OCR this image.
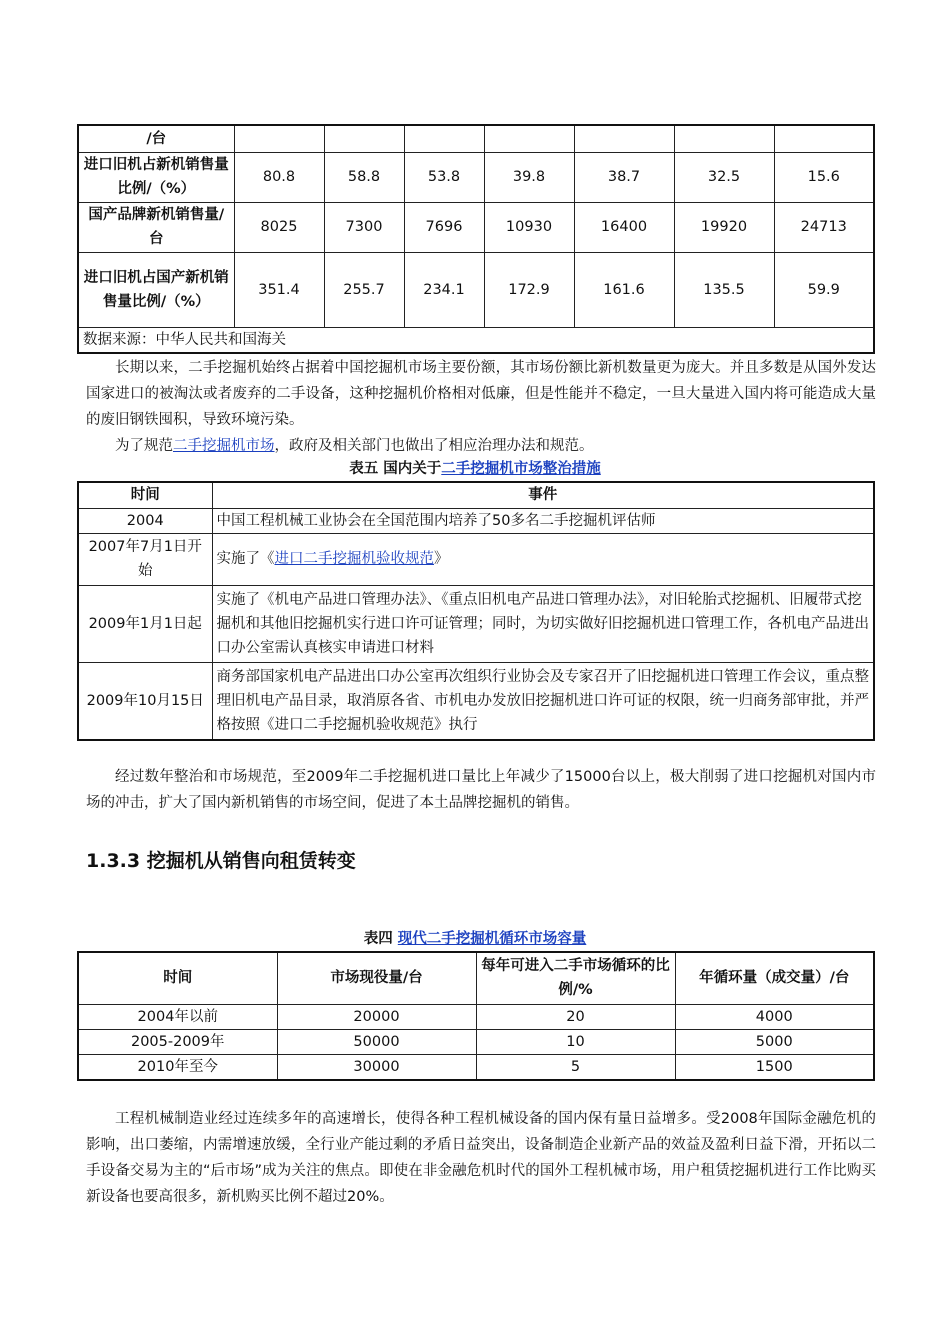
/台							
进口旧机占新机销售量比例/（%）	80.8	58.8	53.8	39.8	38.7	32.5	15.6
国产品牌新机销售量/台	8025	7300	7696	10930	16400	19920	24713
进口旧机占国产新机销售量比例/（%）	351.4	255.7	234.1	172.9	161.6	135.5	59.9
数据来源：中华人民共和国海关							
长期以来，二手挖掘机始终占据着中国挖掘机市场主要份额，其市场份额比新机数量更为庞大。并且多数是从国外发达国家进口的被淘汰或者废弃的二手设备，这种挖掘机价格相对低廉，但是性能并不稳定，一旦大量进入国内将可能造成大量的废旧钢铁囤积，导致环境污染。
为了规范二手挖掘机市场，政府及相关部门也做出了相应治理办法和规范。
表五 国内关于二手挖掘机市场整治措施
时间	事件
2004	中国工程机械工业协会在全国范围内培养了50多名二手挖掘机评估师
2007年7月1日开始	实施了《进口二手挖掘机验收规范》
2009年1月1日起	实施了《机电产品进口管理办法》、《重点旧机电产品进口管理办法》，对旧轮胎式挖掘机、旧履带式挖掘机和其他旧挖掘机实行进口许可证管理；同时，为切实做好旧挖掘机进口管理工作，各机电产品进出口办公室需认真核实申请进口材料
2009年10月15日	商务部国家机电产品进出口办公室再次组织行业协会及专家召开了旧挖掘机进口管理工作会议，重点整理旧机电产品目录，取消原各省、市机电办发放旧挖掘机进口许可证的权限，统一归商务部审批，并严格按照《进口二手挖掘机验收规范》执行
经过数年整治和市场规范，至2009年二手挖掘机进口量比上年减少了15000台以上，极大削弱了进口挖掘机对国内市场的冲击，扩大了国内新机销售的市场空间，促进了本土品牌挖掘机的销售。
1.3.3 挖掘机从销售向租赁转变
表四 现代二手挖掘机循环市场容量
时间	市场现役量/台	每年可进入二手市场循环的比例/%	年循环量（成交量）/台
2004年以前	20000	20	4000
2005-2009年	50000	10	5000
2010年至今	30000	5	1500
工程机械制造业经过连续多年的高速增长，使得各种工程机械设备的国内保有量日益增多。受2008年国际金融危机的影响，出口萎缩，内需增速放缓，全行业产能过剩的矛盾日益突出，设备制造企业新产品的效益及盈利日益下滑，开拓以二手设备交易为主的“后市场”成为关注的焦点。即使在非金融危机时代的国外工程机械市场，用户租赁挖掘机进行工作比购买新设备也要高很多，新机购买比例不超过20%。
